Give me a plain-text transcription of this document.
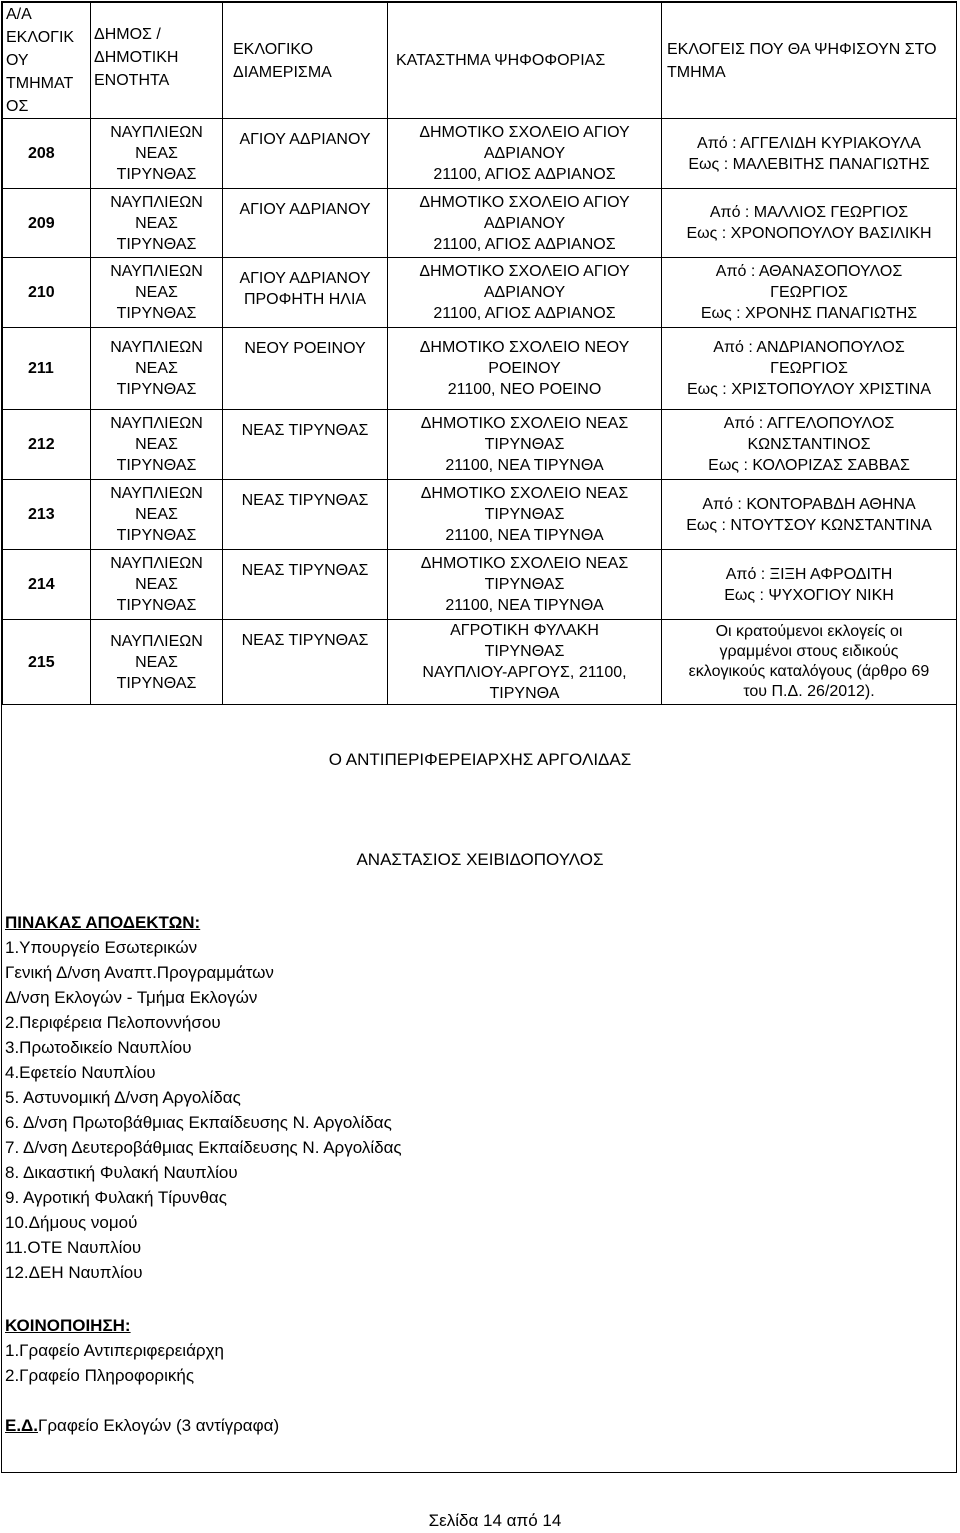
Α/Α
ΕΚΛΟΓΙΚ
ΟΥ
ΤΜΗΜΑΤ
ΟΣ	ΔΗΜΟΣ /
ΔΗΜΟΤΙΚΗ
ΕΝΟΤΗΤΑ	ΕΚΛΟΓΙΚΟ
ΔΙΑΜΕΡΙΣΜΑ	ΚΑΤΑΣΤΗΜΑ ΨΗΦΟΦΟΡΙΑΣ	ΕΚΛΟΓΕΙΣ ΠΟΥ ΘΑ ΨΗΦΙΣΟΥΝ ΣΤΟ
ΤΜΗΜΑ

208	ΝΑΥΠΛΙΕΩΝ
ΝΕΑΣ
ΤΙΡΥΝΘΑΣ	ΑΓΙΟΥ ΑΔΡΙΑΝΟΥ	ΔΗΜΟΤΙΚΟ ΣΧΟΛΕΙΟ ΑΓΙΟΥ
ΑΔΡΙΑΝΟΥ
21100, ΑΓΙΟΣ ΑΔΡΙΑΝΟΣ	Από : ΑΓΓΕΛΙΔΗ ΚΥΡΙΑΚΟΥΛΑ
Εως : ΜΑΛΕΒΙΤΗΣ ΠΑΝΑΓΙΩΤΗΣ

209	ΝΑΥΠΛΙΕΩΝ
ΝΕΑΣ
ΤΙΡΥΝΘΑΣ	ΑΓΙΟΥ ΑΔΡΙΑΝΟΥ	ΔΗΜΟΤΙΚΟ ΣΧΟΛΕΙΟ ΑΓΙΟΥ
ΑΔΡΙΑΝΟΥ
21100, ΑΓΙΟΣ ΑΔΡΙΑΝΟΣ	Από : ΜΑΛΛΙΟΣ ΓΕΩΡΓΙΟΣ
Εως : ΧΡΟΝΟΠΟΥΛΟΥ ΒΑΣΙΛΙΚΗ

210	ΝΑΥΠΛΙΕΩΝ
ΝΕΑΣ
ΤΙΡΥΝΘΑΣ	ΑΓΙΟΥ ΑΔΡΙΑΝΟΥ
ΠΡΟΦΗΤΗ ΗΛΙΑ	ΔΗΜΟΤΙΚΟ ΣΧΟΛΕΙΟ ΑΓΙΟΥ
ΑΔΡΙΑΝΟΥ
21100, ΑΓΙΟΣ ΑΔΡΙΑΝΟΣ	Από : ΑΘΑΝΑΣΟΠΟΥΛΟΣ
ΓΕΩΡΓΙΟΣ
Εως : ΧΡΟΝΗΣ ΠΑΝΑΓΙΩΤΗΣ

211	ΝΑΥΠΛΙΕΩΝ
ΝΕΑΣ
ΤΙΡΥΝΘΑΣ	ΝΕΟΥ ΡΟΕΙΝΟΥ	ΔΗΜΟΤΙΚΟ ΣΧΟΛΕΙΟ ΝΕΟΥ
ΡΟΕΙΝΟΥ
21100, ΝΕΟ ΡΟΕΙΝΟ	Από : ΑΝΔΡΙΑΝΟΠΟΥΛΟΣ
ΓΕΩΡΓΙΟΣ
Εως : ΧΡΙΣΤΟΠΟΥΛΟΥ ΧΡΙΣΤΙΝΑ

212	ΝΑΥΠΛΙΕΩΝ
ΝΕΑΣ
ΤΙΡΥΝΘΑΣ	ΝΕΑΣ ΤΙΡΥΝΘΑΣ	ΔΗΜΟΤΙΚΟ ΣΧΟΛΕΙΟ ΝΕΑΣ
ΤΙΡΥΝΘΑΣ
21100, ΝΕΑ ΤΙΡΥΝΘΑ	Από : ΑΓΓΕΛΟΠΟΥΛΟΣ
ΚΩΝΣΤΑΝΤΙΝΟΣ
Εως : ΚΟΛΟΡΙΖΑΣ ΣΑΒΒΑΣ

213	ΝΑΥΠΛΙΕΩΝ
ΝΕΑΣ
ΤΙΡΥΝΘΑΣ	ΝΕΑΣ ΤΙΡΥΝΘΑΣ	ΔΗΜΟΤΙΚΟ ΣΧΟΛΕΙΟ ΝΕΑΣ
ΤΙΡΥΝΘΑΣ
21100, ΝΕΑ ΤΙΡΥΝΘΑ	Από : ΚΟΝΤΟΡΑΒΔΗ ΑΘΗΝΑ
Εως : ΝΤΟΥΤΣΟΥ ΚΩΝΣΤΑΝΤΙΝΑ

214	ΝΑΥΠΛΙΕΩΝ
ΝΕΑΣ
ΤΙΡΥΝΘΑΣ	ΝΕΑΣ ΤΙΡΥΝΘΑΣ	ΔΗΜΟΤΙΚΟ ΣΧΟΛΕΙΟ ΝΕΑΣ
ΤΙΡΥΝΘΑΣ
21100, ΝΕΑ ΤΙΡΥΝΘΑ	Από : ΞΙΞΗ ΑΦΡΟΔΙΤΗ
Εως : ΨΥΧΟΓΙΟΥ ΝΙΚΗ

215	ΝΑΥΠΛΙΕΩΝ
ΝΕΑΣ
ΤΙΡΥΝΘΑΣ	ΝΕΑΣ ΤΙΡΥΝΘΑΣ	ΑΓΡΟΤΙΚΗ ΦΥΛΑΚΗ
ΤΙΡΥΝΘΑΣ
ΝΑΥΠΛΙΟΥ-ΑΡΓΟΥΣ, 21100,
ΤΙΡΥΝΘΑ	Οι κρατούμενοι εκλογείς οι
γραμμένοι στους ειδικούς
εκλογικούς καταλόγους (άρθρο 69
του Π.Δ. 26/2012).
Ο ΑΝΤΙΠΕΡΙΦΕΡΕΙΑΡΧΗΣ ΑΡΓΟΛΙΔΑΣ
ΑΝΑΣΤΑΣΙΟΣ ΧΕΙΒΙΔΟΠΟΥΛΟΣ
ΠΙΝΑΚΑΣ ΑΠΟΔΕΚΤΩΝ:
1.Υπουργείο Εσωτερικών
Γενική Δ/νση Αναπτ.Προγραμμάτων
Δ/νση Εκλογών - Τμήμα Εκλογών
2.Περιφέρεια Πελοποννήσου
3.Πρωτοδικείο Ναυπλίου
4.Εφετείο Ναυπλίου
5. Αστυνομική Δ/νση Αργολίδας
6. Δ/νση Πρωτοβάθμιας Εκπαίδευσης Ν. Αργολίδας
7. Δ/νση Δευτεροβάθμιας Εκπαίδευσης Ν. Αργολίδας
8. Δικαστική Φυλακή Ναυπλίου
9. Αγροτική Φυλακή Τίρυνθας
10.Δήμους νομού
11.ΟΤΕ Ναυπλίου
12.ΔΕΗ Ναυπλίου
ΚΟΙΝΟΠΟΙΗΣΗ:
1.Γραφείο Αντιπεριφερειάρχη
2.Γραφείο Πληροφορικής
Ε.Δ.Γραφείο Εκλογών (3 αντίγραφα)
Σελίδα 14 από 14
